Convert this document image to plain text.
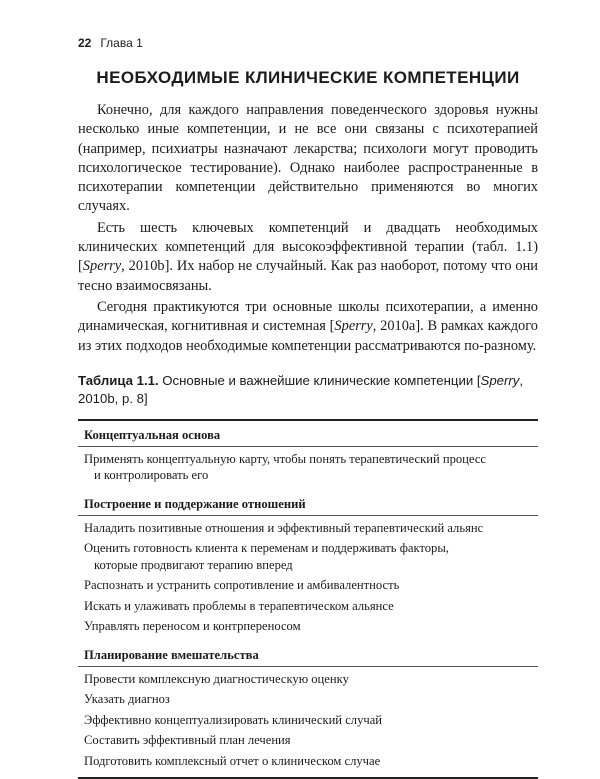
22 Глава 1
НЕОБХОДИМЫЕ КЛИНИЧЕСКИЕ КОМПЕТЕНЦИИ

Конечно, для каждого направления поведенческого здоровья нужны несколько иные компетенции, и не все они связаны с психотерапией (например, психиатры назначают лекарства; психологи могут проводить психологическое тестирование). Однако наиболее распространенные в психотерапии компетенции действительно применяются во многих случаях.

Есть шесть ключевых компетенций и двадцать необходимых клинических компетенций для высокоэффективной терапии (табл. 1.1) [Sperry, 2010b]. Их набор не случайный. Как раз наоборот, потому что они тесно взаимосвязаны.

Сегодня практикуются три основные школы психотерапии, а именно динамическая, когнитивная и системная [Sperry, 2010a]. В рамках каждого из этих подходов необходимые компетенции рассматриваются по-разному.

Таблица 1.1. Основные и важнейшие клинические компетенции [Sperry, 2010b, p. 8]
Концептуальная основа
Применять концептуальную карту, чтобы понять терапевтический процесс
и контролировать его
Построение и поддержание отношений
Наладить позитивные отношения и эффективный терапевтический альянс
Оценить готовность клиента к переменам и поддерживать факторы,
которые продвигают терапию вперед
Распознать и устранить сопротивление и амбивалентность
Искать и улаживать проблемы в терапевтическом альянсе
Управлять переносом и контрпереносом
Планирование вмешательства
Провести комплексную диагностическую оценку
Указать диагноз
Эффективно концептуализировать клинический случай
Составить эффективный план лечения
Подготовить комплексный отчет о клиническом случае
